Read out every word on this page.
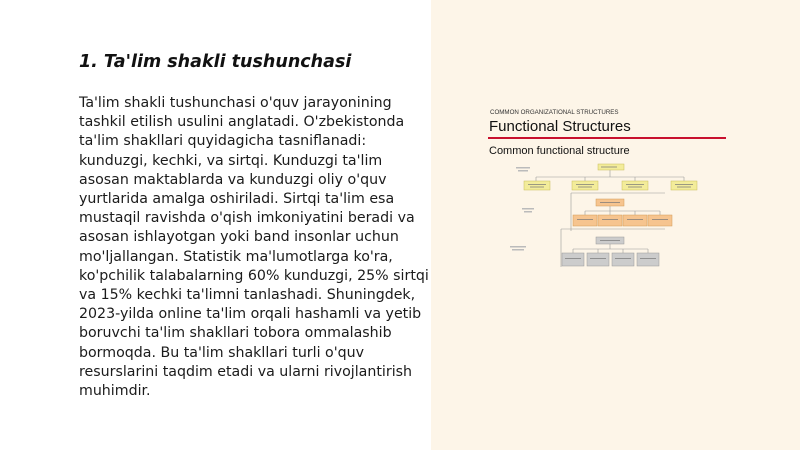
1. Ta'lim shakli tushunchasi

Ta'lim shakli tushunchasi o'quv jarayonining tashkil etilish usulini anglatadi. O'zbekistonda ta'lim shakllari quyidagicha tasniflanadi: kunduzgi, kechki, va sirtqi. Kunduzgi ta'lim asosan maktablarda va kunduzgi oliy o'quv yurtlarida amalga oshiriladi. Sirtqi ta'lim esa mustaqil ravishda o'qish imkoniyatini beradi va asosan ishlayotgan yoki band insonlar uchun mo'ljallangan. Statistik ma'lumotlarga ko'ra, ko'pchilik talabalarning 60% kunduzgi, 25% sirtqi va 15% kechki ta'limni tanlashadi. Shuningdek, 2023-yilda online ta'lim orqali hashamli va yetib boruvchi ta'lim shakllari tobora ommalashib bormoqda. Bu ta'lim shakllari turli o'quv resurslarini taqdim etadi va ularni rivojlantirish muhimdir.

COMMON ORGANIZATIONAL STRUCTURES
Functional Structures
Common functional structure
